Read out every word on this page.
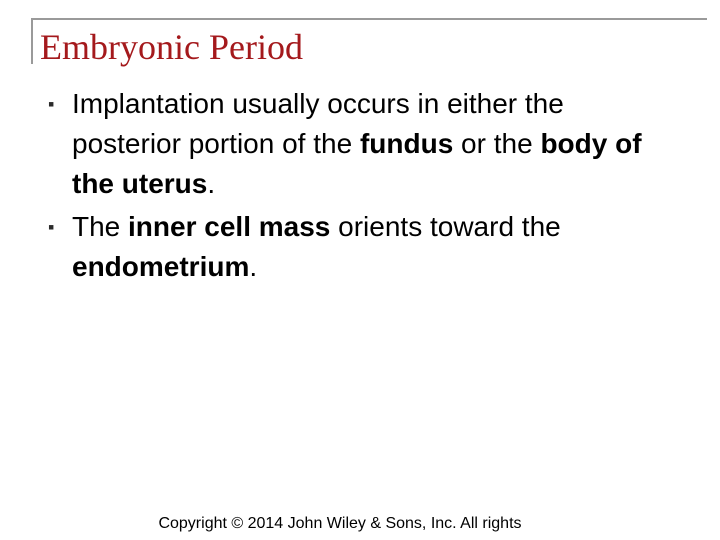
Embryonic Period
▪ Implantation usually occurs in either the posterior portion of the fundus or the body of the uterus.
▪ The inner cell mass orients toward the endometrium.
Copyright © 2014 John Wiley & Sons, Inc. All rights
